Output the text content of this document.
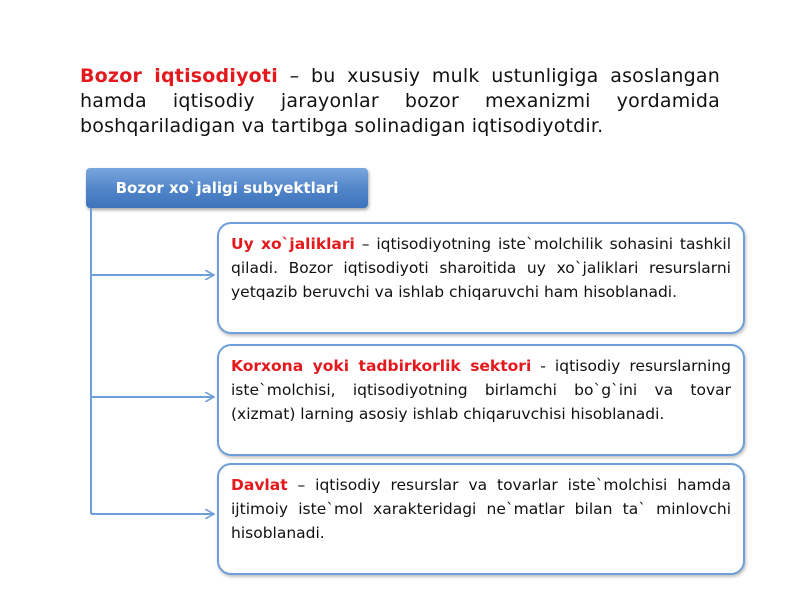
Bozor iqtisodiyoti – bu xususiy mulk ustunligiga asoslangan hamda iqtisodiy jarayonlar bozor mexanizmi yordamida boshqariladigan va tartibga solinadigan iqtisodiyotdir.
Bozor xo`jaligi subyektlari
Uy xo`jaliklari – iqtisodiyotning iste`molchilik sohasini tashkil qiladi. Bozor iqtisodiyoti sharoitida uy xo`jaliklari resurslarni yetqazib beruvchi va ishlab chiqaruvchi ham hisoblanadi.
Korxona yoki tadbirkorlik sektori - iqtisodiy resurslarning iste`molchisi, iqtisodiyotning birlamchi bo`g`ini va tovar (xizmat) larning asosiy ishlab chiqaruvchisi hisoblanadi.
Davlat – iqtisodiy resurslar va tovarlar iste`molchisi hamda ijtimoiy iste`mol xarakteridagi ne`matlar bilan ta` minlovchi hisoblanadi.
